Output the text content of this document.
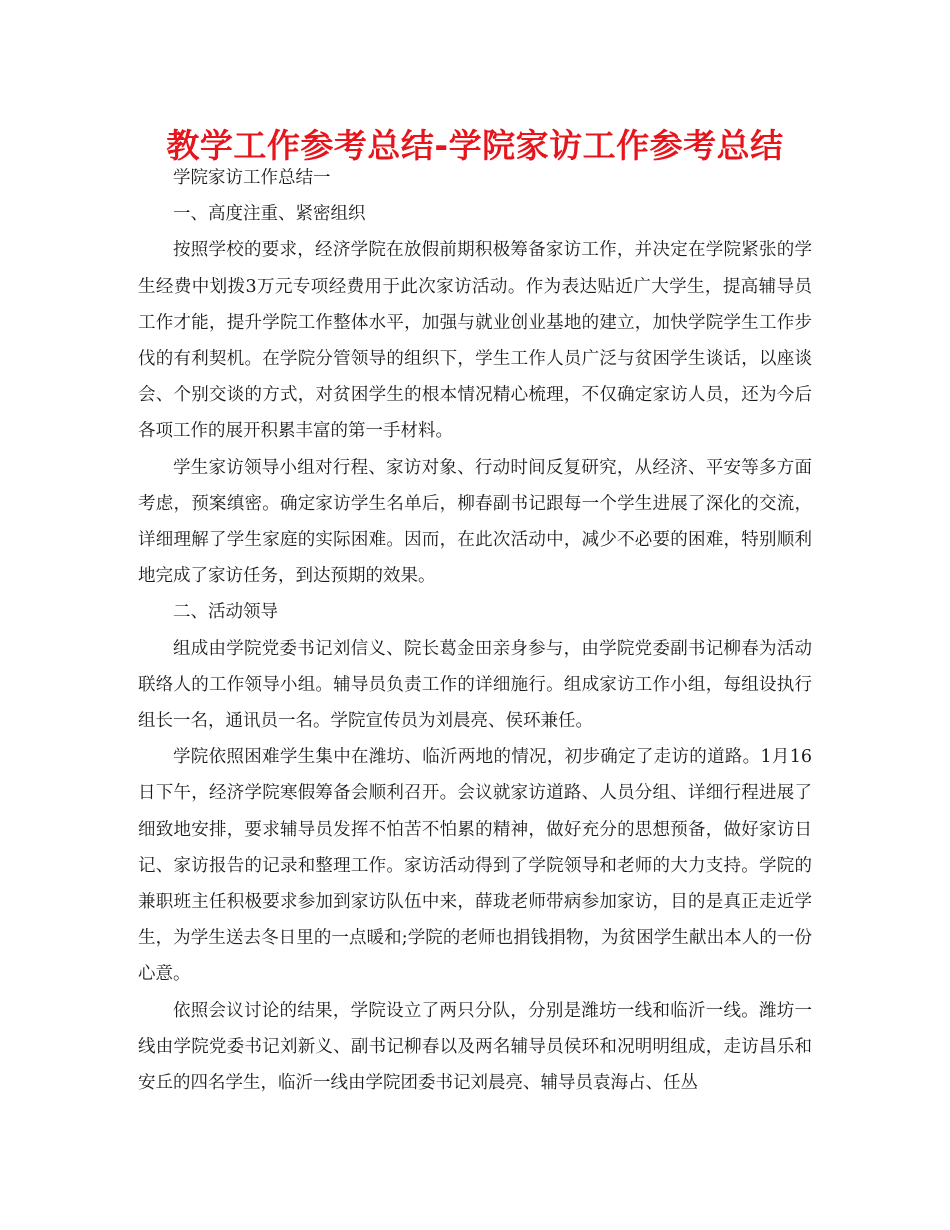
教学工作参考总结-学院家访工作参考总结

学院家访工作总结一

一、高度注重、紧密组织

按照学校的要求，经济学院在放假前期积极筹备家访工作，并决定在学院紧张的学生经费中划拨3万元专项经费用于此次家访活动。作为表达贴近广大学生，提高辅导员工作才能，提升学院工作整体水平，加强与就业创业基地的建立，加快学院学生工作步伐的有利契机。在学院分管领导的组织下，学生工作人员广泛与贫困学生谈话，以座谈会、个别交谈的方式，对贫困学生的根本情况精心梳理，不仅确定家访人员，还为今后各项工作的展开积累丰富的第一手材料。

学生家访领导小组对行程、家访对象、行动时间反复研究，从经济、平安等多方面考虑，预案缜密。确定家访学生名单后，柳春副书记跟每一个学生进展了深化的交流，详细理解了学生家庭的实际困难。因而，在此次活动中，减少不必要的困难，特别顺利地完成了家访任务，到达预期的效果。

二、活动领导

组成由学院党委书记刘信义、院长葛金田亲身参与，由学院党委副书记柳春为活动联络人的工作领导小组。辅导员负责工作的详细施行。组成家访工作小组，每组设执行组长一名，通讯员一名。学院宣传员为刘晨亮、侯环兼任。

学院依照困难学生集中在潍坊、临沂两地的情况，初步确定了走访的道路。1月16日下午，经济学院寒假筹备会顺利召开。会议就家访道路、人员分组、详细行程进展了细致地安排，要求辅导员发挥不怕苦不怕累的精神，做好充分的思想预备，做好家访日记、家访报告的记录和整理工作。家访活动得到了学院领导和老师的大力支持。学院的兼职班主任积极要求参加到家访队伍中来，薛珑老师带病参加家访，目的是真正走近学生，为学生送去冬日里的一点暖和;学院的老师也捐钱捐物，为贫困学生献出本人的一份心意。

依照会议讨论的结果，学院设立了两只分队，分别是潍坊一线和临沂一线。潍坊一线由学院党委书记刘新义、副书记柳春以及两名辅导员侯环和况明明组成，走访昌乐和安丘的四名学生，临沂一线由学院团委书记刘晨亮、辅导员袁海占、任丛
